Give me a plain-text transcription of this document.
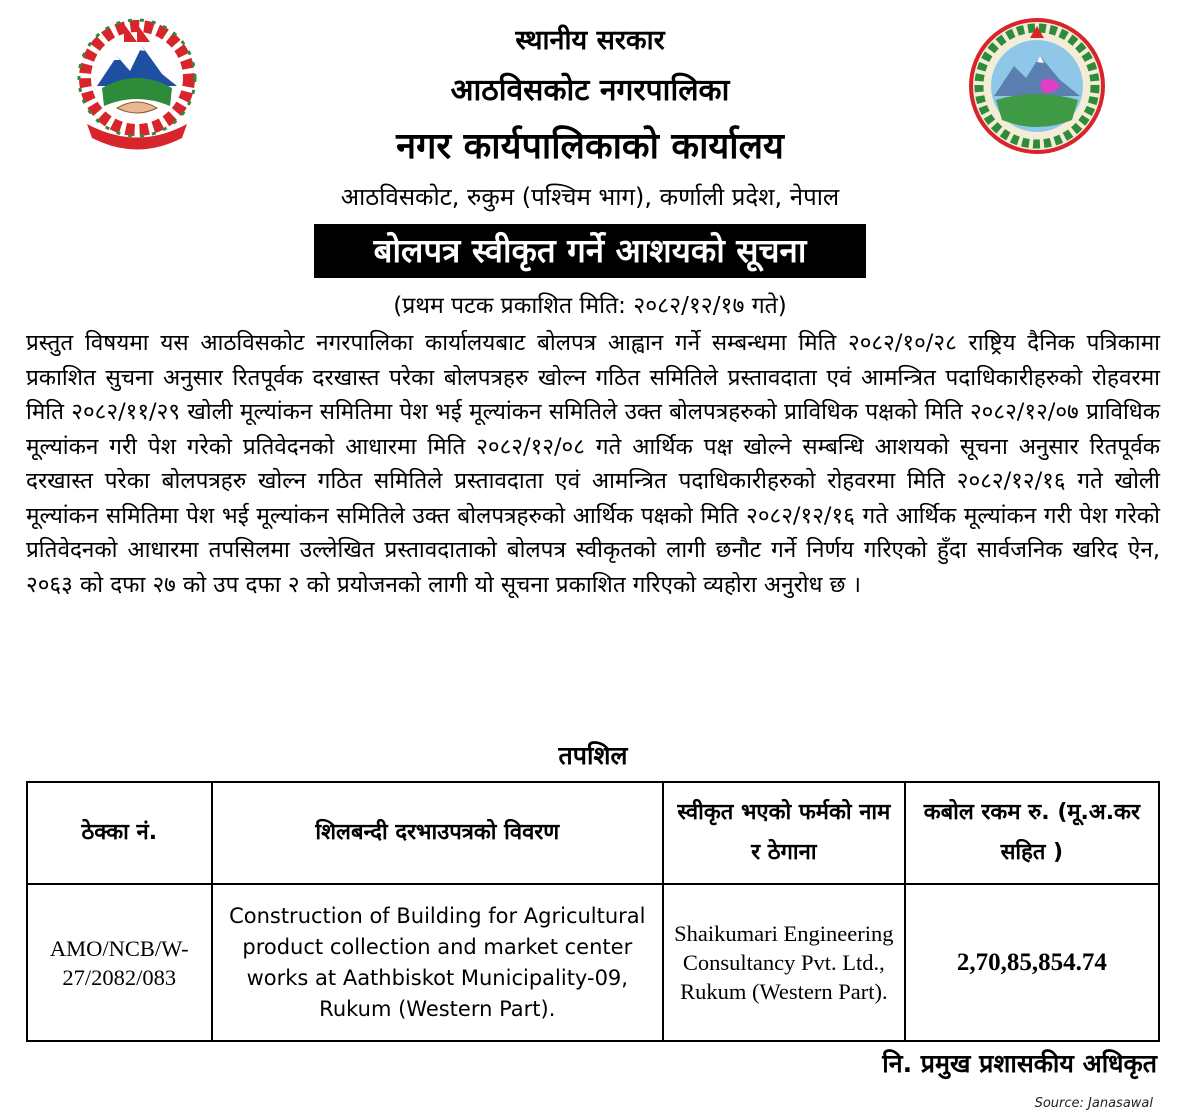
स्थानीय सरकार
आठविसकोट नगरपालिका
नगर कार्यपालिकाको कार्यालय
आठविसकोट, रुकुम (पश्चिम भाग), कर्णाली प्रदेश, नेपाल
बोलपत्र स्वीकृत गर्ने आशयको सूचना
(प्रथम पटक प्रकाशित मिति: २०८२/१२/१७ गते)
प्रस्तुत विषयमा यस आठविसकोट नगरपालिका कार्यालयबाट बोलपत्र आह्वान गर्ने सम्बन्धमा मिति २०८२/१०/२८ राष्ट्रिय दैनिक पत्रिकामा प्रकाशित सुचना अनुसार रितपूर्वक दरखास्त परेका बोलपत्रहरु खोल्न गठित समितिले प्रस्तावदाता एवं आमन्त्रित पदाधिकारीहरुको रोहवरमा मिति २०८२/११/२९ खोली मूल्यांकन समितिमा पेश भई मूल्यांकन समितिले उक्त बोलपत्रहरुको प्राविधिक पक्षको मिति २०८२/१२/०७ प्राविधिक मूल्यांकन गरी पेश गरेको प्रतिवेदनको आधारमा मिति २०८२/१२/०८ गते आर्थिक पक्ष खोल्ने सम्बन्धि आशयको सूचना अनुसार रितपूर्वक दरखास्त परेका बोलपत्रहरु खोल्न गठित समितिले प्रस्तावदाता एवं आमन्त्रित पदाधिकारीहरुको रोहवरमा मिति २०८२/१२/१६ गते खोली मूल्यांकन समितिमा पेश भई मूल्यांकन समितिले उक्त बोलपत्रहरुको आर्थिक पक्षको मिति २०८२/१२/१६ गते आर्थिक मूल्यांकन गरी पेश गरेको प्रतिवेदनको आधारमा तपसिलमा उल्लेखित प्रस्तावदाताको बोलपत्र स्वीकृतको लागी छनौट गर्ने निर्णय गरिएको हुँदा सार्वजनिक खरिद ऐन, २०६३ को दफा २७ को उप दफा २ को प्रयोजनको लागी यो सूचना प्रकाशित गरिएको व्यहोरा अनुरोध छ ।
तपशिल
ठेक्का नं.	शिलबन्दी दरभाउपत्रको विवरण	स्वीकृत भएको फर्मको नाम र ठेगाना	कबोल रकम रु. (मू.अ.कर सहित )
AMO/NCB/W-27/2082/083	Construction of Building for Agricultural product collection and market center works at Aathbiskot Municipality-09, Rukum (Western Part).	Shaikumari Engineering Consultancy Pvt. Ltd., Rukum (Western Part).	2,70,85,854.74
नि. प्रमुख प्रशासकीय अधिकृत
Source: Janasawal
